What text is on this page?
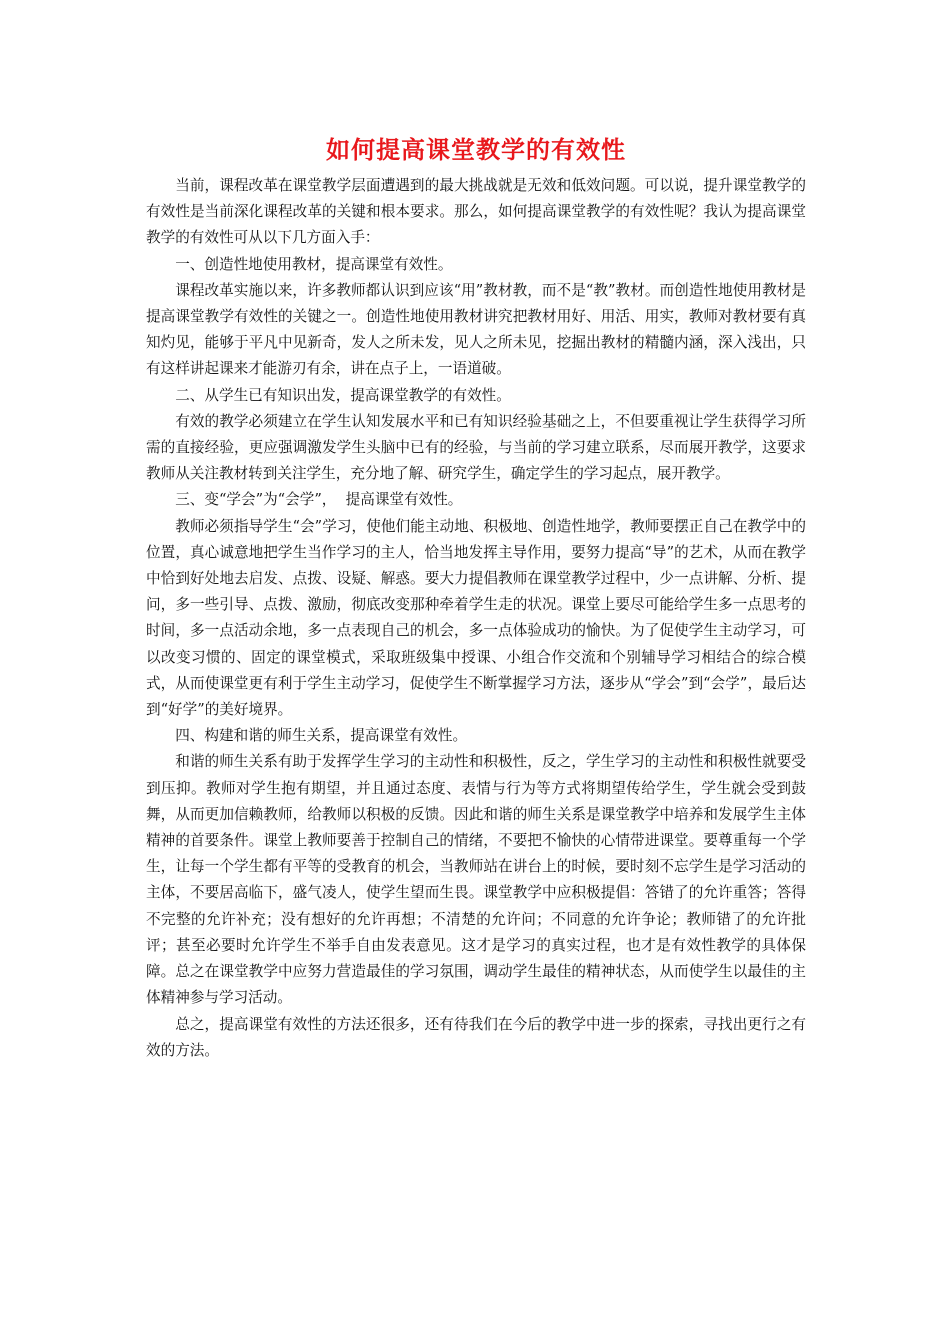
如何提高课堂教学的有效性

当前，课程改革在课堂教学层面遭遇到的最大挑战就是无效和低效问题。可以说，提升课堂教学的有效性是当前深化课程改革的关键和根本要求。那么，如何提高课堂教学的有效性呢？我认为提高课堂教学的有效性可从以下几方面入手：

一、创造性地使用教材，提高课堂有效性。

课程改革实施以来，许多教师都认识到应该“用”教材教，而不是“教”教材。而创造性地使用教材是提高课堂教学有效性的关键之一。创造性地使用教材讲究把教材用好、用活、用实，教师对教材要有真知灼见，能够于平凡中见新奇，发人之所未发，见人之所未见，挖掘出教材的精髓内涵，深入浅出，只有这样讲起课来才能游刃有余，讲在点子上，一语道破。

二、从学生已有知识出发，提高课堂教学的有效性。

有效的教学必须建立在学生认知发展水平和已有知识经验基础之上，不但要重视让学生获得学习所需的直接经验，更应强调激发学生头脑中已有的经验，与当前的学习建立联系，尽而展开教学，这要求教师从关注教材转到关注学生，充分地了解、研究学生，确定学生的学习起点，展开教学。

三、变“学会”为“会学”，  提高课堂有效性。

教师必须指导学生“会”学习，使他们能主动地、积极地、创造性地学，教师要摆正自己在教学中的位置，真心诚意地把学生当作学习的主人，恰当地发挥主导作用，要努力提高“导”的艺术，从而在教学中恰到好处地去启发、点拨、设疑、解惑。要大力提倡教师在课堂教学过程中，少一点讲解、分析、提问，多一些引导、点拨、激励，彻底改变那种牵着学生走的状况。课堂上要尽可能给学生多一点思考的时间，多一点活动余地，多一点表现自己的机会，多一点体验成功的愉快。为了促使学生主动学习，可以改变习惯的、固定的课堂模式，采取班级集中授课、小组合作交流和个别辅导学习相结合的综合模式，从而使课堂更有利于学生主动学习，促使学生不断掌握学习方法，逐步从“学会”到“会学”，最后达到“好学”的美好境界。

四、构建和谐的师生关系，提高课堂有效性。

和谐的师生关系有助于发挥学生学习的主动性和积极性，反之，学生学习的主动性和积极性就要受到压抑。教师对学生抱有期望，并且通过态度、表情与行为等方式将期望传给学生，学生就会受到鼓舞，从而更加信赖教师，给教师以积极的反馈。因此和谐的师生关系是课堂教学中培养和发展学生主体精神的首要条件。课堂上教师要善于控制自己的情绪，不要把不愉快的心情带进课堂。要尊重每一个学生，让每一个学生都有平等的受教育的机会，当教师站在讲台上的时候，要时刻不忘学生是学习活动的主体，不要居高临下，盛气凌人，使学生望而生畏。课堂教学中应积极提倡：答错了的允许重答；答得不完整的允许补充；没有想好的允许再想；不清楚的允许问；不同意的允许争论；教师错了的允许批评；甚至必要时允许学生不举手自由发表意见。这才是学习的真实过程，也才是有效性教学的具体保障。总之在课堂教学中应努力营造最佳的学习氛围，调动学生最佳的精神状态，从而使学生以最佳的主体精神参与学习活动。

总之，提高课堂有效性的方法还很多，还有待我们在今后的教学中进一步的探索，寻找出更行之有效的方法。
